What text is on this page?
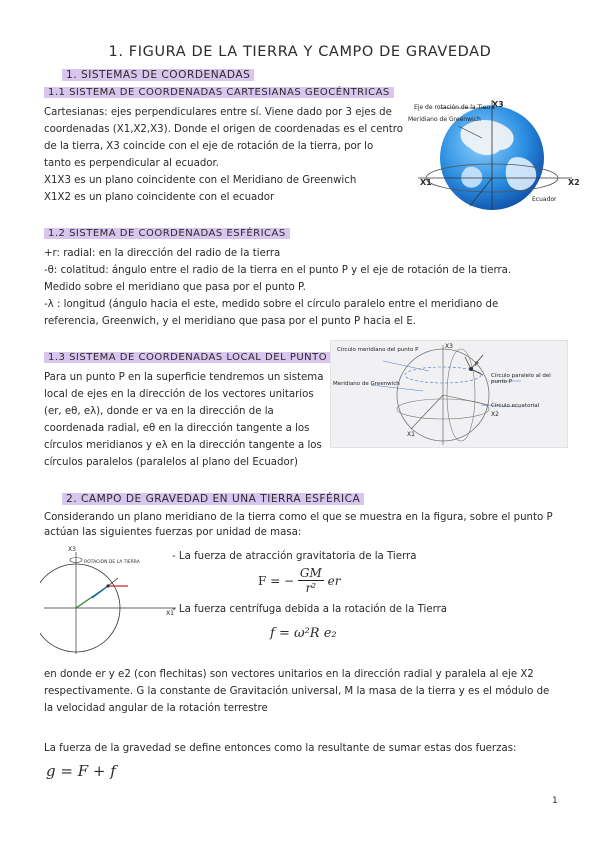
1. FIGURA DE LA TIERRA Y CAMPO DE GRAVEDAD
1. SISTEMAS DE COORDENADAS
1.1 SISTEMA DE COORDENADAS CARTESIANAS GEOCÉNTRICAS
Cartesianas: ejes perpendiculares entre sí. Viene dado por 3 ejes de
coordenadas (X1,X2,X3). Donde el origen de coordenadas es el centro
de la tierra, X3 coincide con el eje de rotación de la tierra, por lo
tanto es perpendicular al ecuador.
X1X3 es un plano coincidente con el Meridiano de Greenwich
X1X2 es un plano coincidente con el ecuador
Eje de rotación de la Tierra
Meridiano de Greenwich
X3
X1	X2
Ecuador
1.2 SISTEMA DE COORDENADAS ESFÉRICAS
+r: radial: en la dirección del radio de la tierra
-θ: colatitud: ángulo entre el radio de la tierra en el punto P y el eje de rotación de la tierra.
Medido sobre el meridiano que pasa por el punto P.
-λ : longitud (ángulo hacia el este, medido sobre el círculo paralelo entre el meridiano de
referencia, Greenwich, y el meridiano que pasa por el punto P hacia el E.
1.3 SISTEMA DE COORDENADAS LOCAL DEL PUNTO
Para un punto P en la superficie tendremos un sistema
local de ejes en la dirección de los vectores unitarios
(er, eθ, eλ), donde er va en la dirección de la
coordenada radial, eθ en la dirección tangente a los
círculos meridianos y eλ en la dirección tangente a los
círculos paralelos (paralelos al plano del Ecuador)
Círculo meridiano del punto P
Meridiano de Greenwich
Círculo paralelo al del punto P
Círculo ecuatorial
X3
X1
X2
P
2. CAMPO DE GRAVEDAD EN UNA TIERRA ESFÉRICA
Considerando un plano meridiano de la tierra como el que se muestra en la figura, sobre el punto P
actúan las siguientes fuerzas por unidad de masa:
ROTACIÓN DE LA TIERRA
X3
X1
- La fuerza de atracción gravitatoria de la Tierra
F = − $\frac{GM}{\text{r²}}$ er
- La fuerza centrífuga debida a la rotación de la Tierra
f = ω²R e₂
en donde er y e2 (con flechitas) son vectores unitarios en la dirección radial y paralela al eje X2
respectivamente. G la constante de Gravitación universal, M la masa de la tierra y es el módulo de
la velocidad angular de la rotación terrestre
La fuerza de la gravedad se define entonces como la resultante de sumar estas dos fuerzas:
g = F + f
1
